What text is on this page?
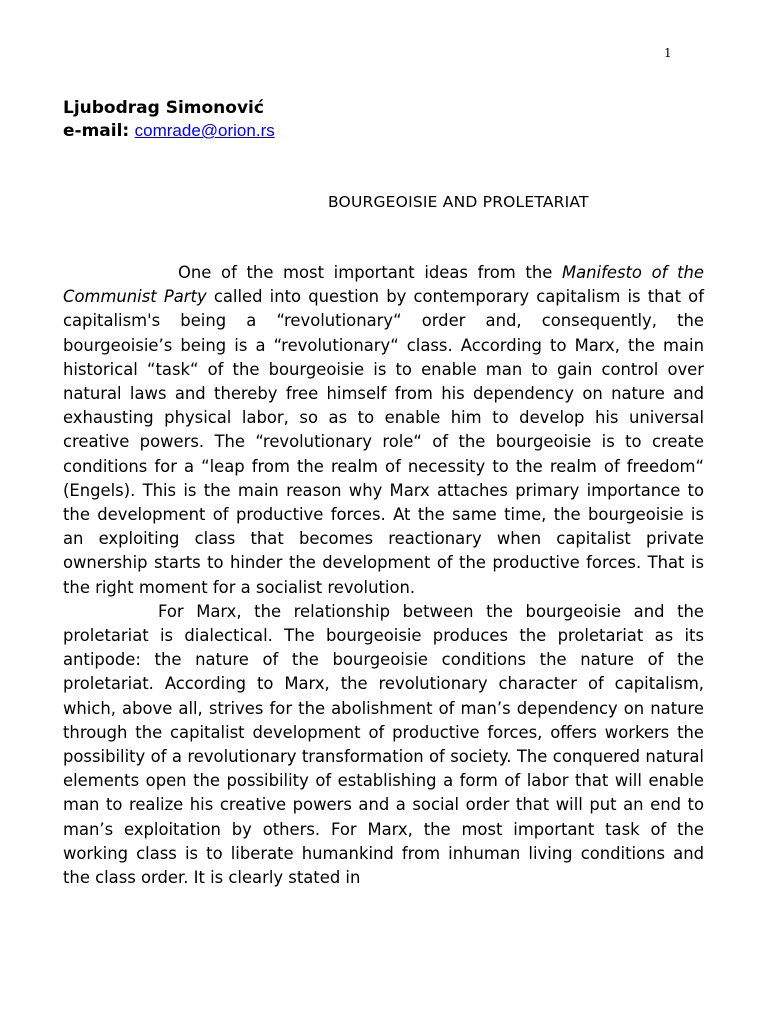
1
Ljubodrag Simonović
e-mail: comrade@orion.rs
BOURGEOISIE AND PROLETARIAT

One of the most important ideas from the Manifesto of the Communist Party called into question by contemporary capitalism is that of capitalism's being a “revolutionary“ order and, consequently, the bourgeoisie’s being is a “revolutionary“ class. According to Marx, the main historical “task“ of the bourgeoisie is to enable man to gain control over natural laws and thereby free himself from his dependency on nature and exhausting physical labor, so as to enable him to develop his universal creative powers. The “revolutionary role“ of the bourgeoisie is to create conditions for a “leap from the realm of necessity to the realm of freedom“ (Engels). This is the main reason why Marx attaches primary importance to the development of productive forces. At the same time, the bourgeoisie is an exploiting class that becomes reactionary when capitalist private ownership starts to hinder the development of the productive forces. That is the right moment for a socialist revolution.

For Marx, the relationship between the bourgeoisie and the proletariat is dialectical. The bourgeoisie produces the proletariat as its antipode: the nature of the bourgeoisie conditions the nature of the proletariat. According to Marx, the revolutionary character of capitalism, which, above all, strives for the abolishment of man’s dependency on nature through the capitalist development of productive forces, offers workers the possibility of a revolutionary transformation of society. The conquered natural elements open the possibility of establishing a form of labor that will enable man to realize his creative powers and a social order that will put an end to man’s exploitation by others. For Marx, the most important task of the working class is to liberate humankind from inhuman living conditions and the class order. It is clearly stated in
